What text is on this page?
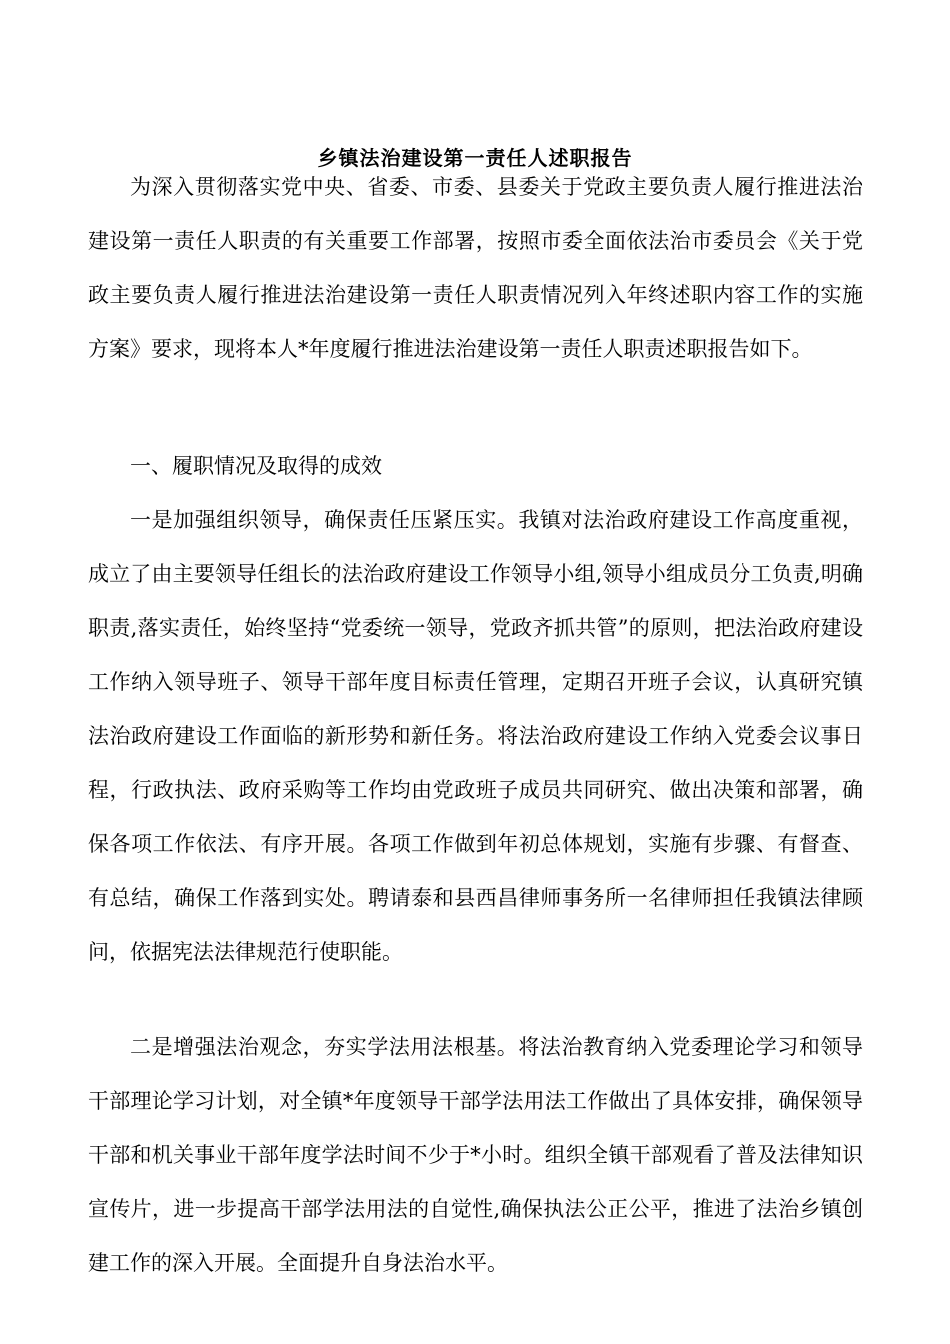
乡镇法治建设第一责任人述职报告

为深入贯彻落实党中央、省委、市委、县委关于党政主要负责人履行推进法治建设第一责任人职责的有关重要工作部署，按照市委全面依法治市委员会《关于党政主要负责人履行推进法治建设第一责任人职责情况列入年终述职内容工作的实施方案》要求，现将本人*年度履行推进法治建设第一责任人职责述职报告如下。

一、履职情况及取得的成效

一是加强组织领导，确保责任压紧压实。我镇对法治政府建设工作高度重视，成立了由主要领导任组长的法治政府建设工作领导小组,领导小组成员分工负责,明确职责,落实责任，始终坚持“党委统一领导，党政齐抓共管”的原则，把法治政府建设工作纳入领导班子、领导干部年度目标责任管理，定期召开班子会议，认真研究镇法治政府建设工作面临的新形势和新任务。将法治政府建设工作纳入党委会议事日程，行政执法、政府采购等工作均由党政班子成员共同研究、做出决策和部署，确保各项工作依法、有序开展。各项工作做到年初总体规划，实施有步骤、有督查、有总结，确保工作落到实处。聘请泰和县西昌律师事务所一名律师担任我镇法律顾问，依据宪法法律规范行使职能。

二是增强法治观念，夯实学法用法根基。将法治教育纳入党委理论学习和领导干部理论学习计划，对全镇*年度领导干部学法用法工作做出了具体安排，确保领导干部和机关事业干部年度学法时间不少于*小时。组织全镇干部观看了普及法律知识宣传片，进一步提高干部学法用法的自觉性,确保执法公正公平，推进了法治乡镇创建工作的深入开展。全面提升自身法治水平。
